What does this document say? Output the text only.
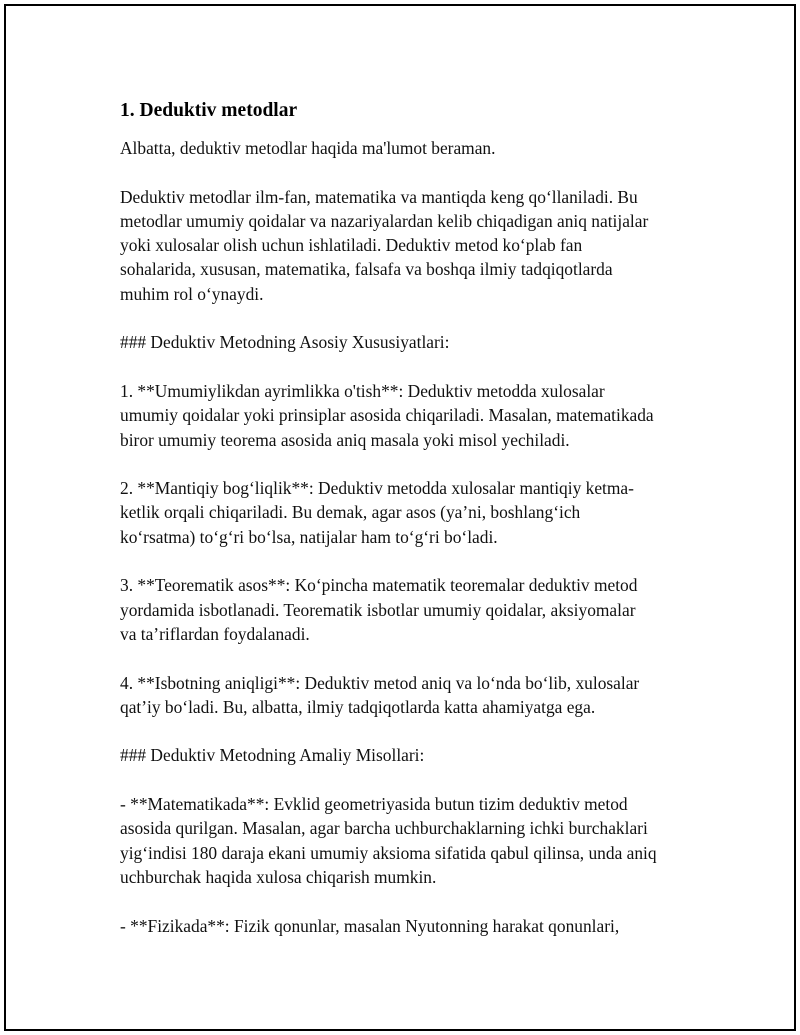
1. Deduktiv metodlar

Albatta, deduktiv metodlar haqida ma'lumot beraman.

Deduktiv metodlar ilm-fan, matematika va mantiqda keng qo‘llaniladi. Bu
metodlar umumiy qoidalar va nazariyalardan kelib chiqadigan aniq natijalar
yoki xulosalar olish uchun ishlatiladi. Deduktiv metod ko‘plab fan
sohalarida, xususan, matematika, falsafa va boshqa ilmiy tadqiqotlarda
muhim rol o‘ynaydi.

### Deduktiv Metodning Asosiy Xususiyatlari:

1. **Umumiylikdan ayrimlikka o'tish**: Deduktiv metodda xulosalar
umumiy qoidalar yoki prinsiplar asosida chiqariladi. Masalan, matematikada
biror umumiy teorema asosida aniq masala yoki misol yechiladi.

2. **Mantiqiy bog‘liqlik**: Deduktiv metodda xulosalar mantiqiy ketma-
ketlik orqali chiqariladi. Bu demak, agar asos (ya’ni, boshlang‘ich
ko‘rsatma) to‘g‘ri bo‘lsa, natijalar ham to‘g‘ri bo‘ladi.

3. **Teorematik asos**: Ko‘pincha matematik teoremalar deduktiv metod
yordamida isbotlanadi. Teorematik isbotlar umumiy qoidalar, aksiyomalar
va ta’riflardan foydalanadi.

4. **Isbotning aniqligi**: Deduktiv metod aniq va lo‘nda bo‘lib, xulosalar
qat’iy bo‘ladi. Bu, albatta, ilmiy tadqiqotlarda katta ahamiyatga ega.

### Deduktiv Metodning Amaliy Misollari:

- **Matematikada**: Evklid geometriyasida butun tizim deduktiv metod
asosida qurilgan. Masalan, agar barcha uchburchaklarning ichki burchaklari
yig‘indisi 180 daraja ekani umumiy aksioma sifatida qabul qilinsa, unda aniq
uchburchak haqida xulosa chiqarish mumkin.

- **Fizikada**: Fizik qonunlar, masalan Nyutonning harakat qonunlari,
